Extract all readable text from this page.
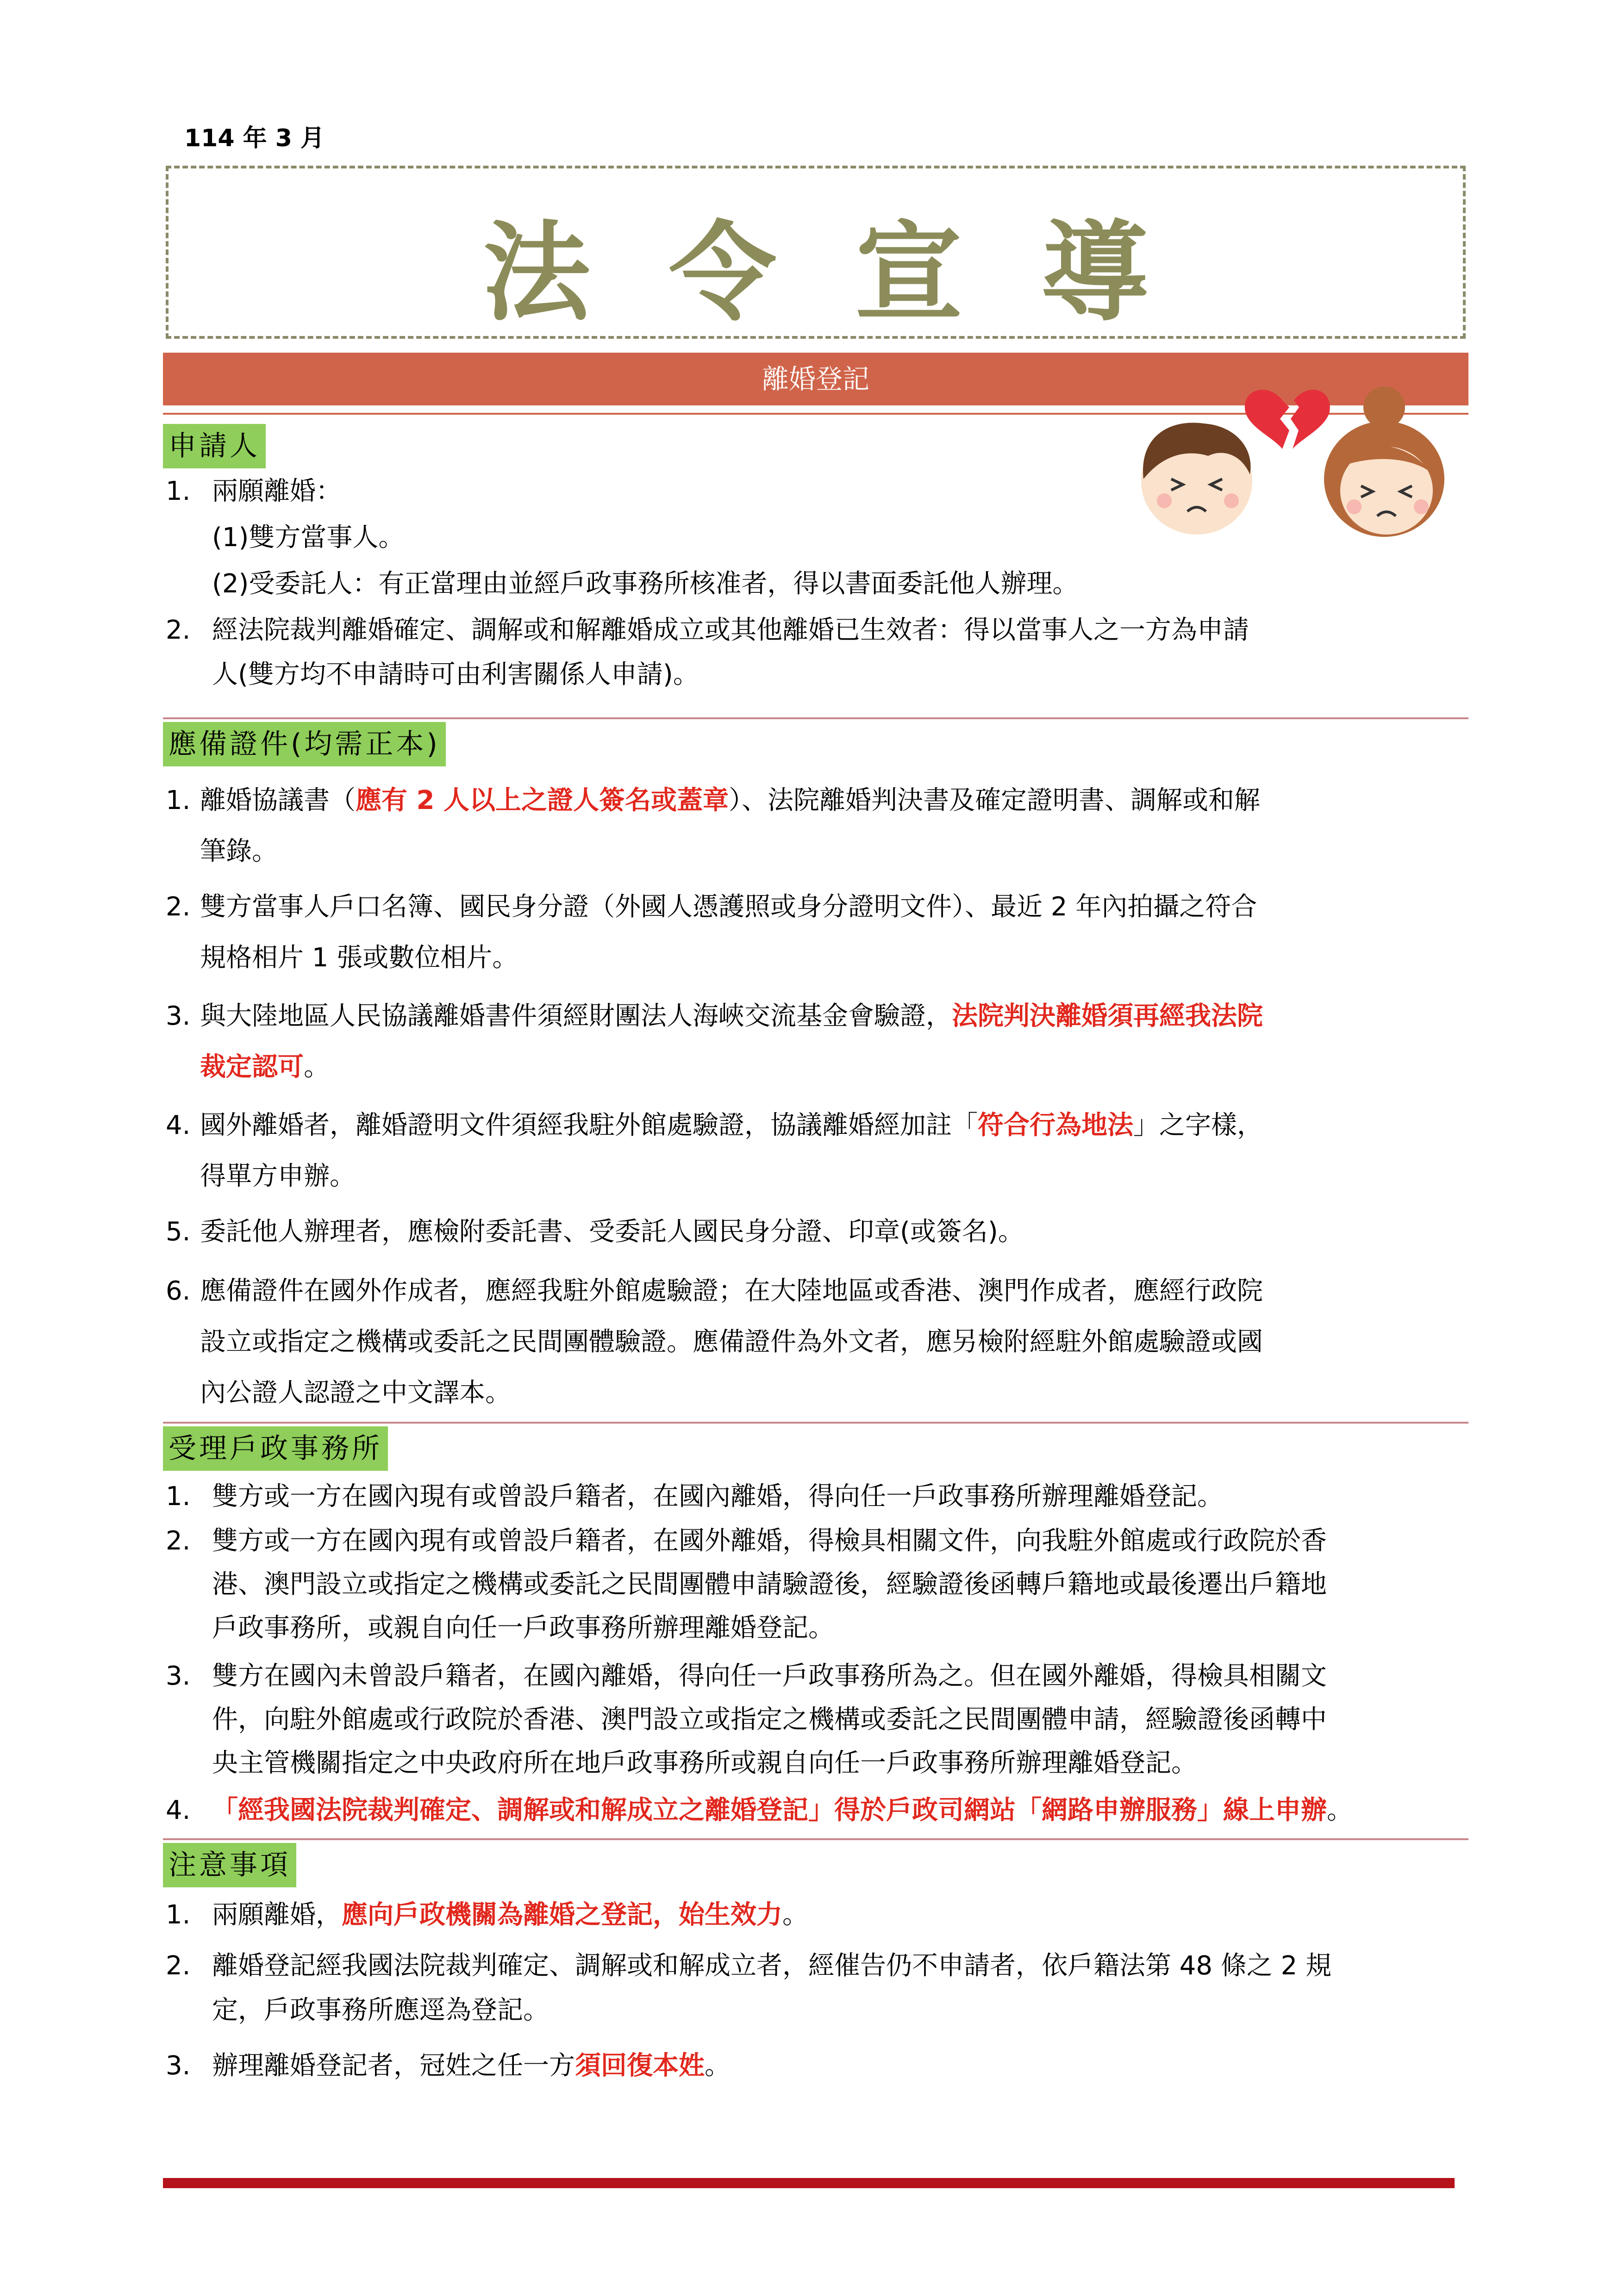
114 年 3 月
法令宣導
離婚登記
申請人
1. 兩願離婚：
(1)雙方當事人。
(2)受委託人：有正當理由並經戶政事務所核准者，得以書面委託他人辦理。
2. 經法院裁判離婚確定、調解或和解離婚成立或其他離婚已生效者：得以當事人之一方為申請
人(雙方均不申請時可由利害關係人申請)。
應備證件(均需正本)
1. 離婚協議書（應有 2 人以上之證人簽名或蓋章）、法院離婚判決書及確定證明書、調解或和解
筆錄。
2. 雙方當事人戶口名簿、國民身分證（外國人憑護照或身分證明文件）、最近 2 年內拍攝之符合
規格相片 1 張或數位相片。
3. 與大陸地區人民協議離婚書件須經財團法人海峽交流基金會驗證，法院判決離婚須再經我法院
裁定認可。
4. 國外離婚者，離婚證明文件須經我駐外館處驗證，協議離婚經加註「符合行為地法」之字樣，
得單方申辦。
5. 委託他人辦理者，應檢附委託書、受委託人國民身分證、印章(或簽名)。
6. 應備證件在國外作成者，應經我駐外館處驗證；在大陸地區或香港、澳門作成者，應經行政院
設立或指定之機構或委託之民間團體驗證。應備證件為外文者，應另檢附經駐外館處驗證或國
內公證人認證之中文譯本。
受理戶政事務所
1. 雙方或一方在國內現有或曾設戶籍者，在國內離婚，得向任一戶政事務所辦理離婚登記。
2. 雙方或一方在國內現有或曾設戶籍者，在國外離婚，得檢具相關文件，向我駐外館處或行政院於香
港、澳門設立或指定之機構或委託之民間團體申請驗證後，經驗證後函轉戶籍地或最後遷出戶籍地
戶政事務所，或親自向任一戶政事務所辦理離婚登記。
3. 雙方在國內未曾設戶籍者，在國內離婚，得向任一戶政事務所為之。但在國外離婚，得檢具相關文
件，向駐外館處或行政院於香港、澳門設立或指定之機構或委託之民間團體申請，經驗證後函轉中
央主管機關指定之中央政府所在地戶政事務所或親自向任一戶政事務所辦理離婚登記。
4. 「經我國法院裁判確定、調解或和解成立之離婚登記」得於戶政司網站「網路申辦服務」線上申辦。
注意事項
1. 兩願離婚，應向戶政機關為離婚之登記，始生效力。
2. 離婚登記經我國法院裁判確定、調解或和解成立者，經催告仍不申請者，依戶籍法第 48 條之 2 規
定，戶政事務所應逕為登記。
3. 辦理離婚登記者，冠姓之任一方須回復本姓。
